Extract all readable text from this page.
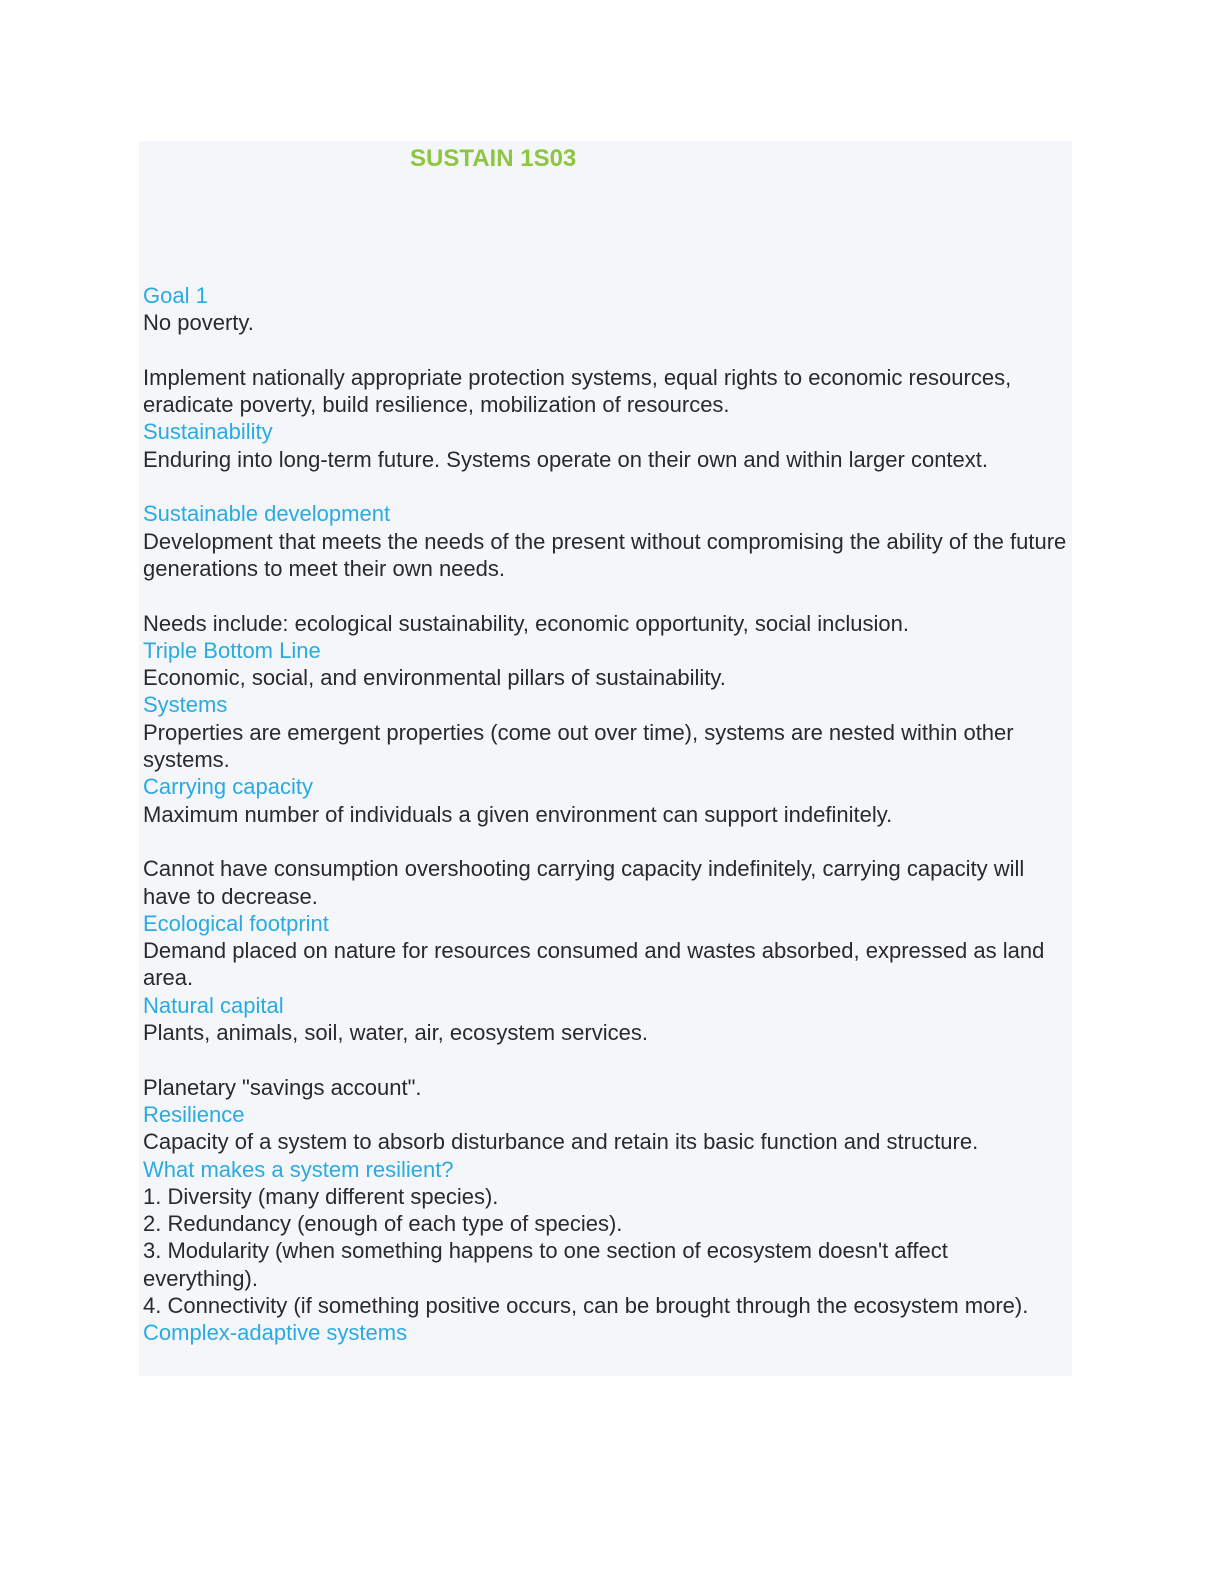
SUSTAIN 1S03

Goal 1

No poverty.

Implement nationally appropriate protection systems, equal rights to economic resources, eradicate poverty, build resilience, mobilization of resources.

Sustainability

Enduring into long-term future. Systems operate on their own and within larger context.

Sustainable development

Development that meets the needs of the present without compromising the ability of the future generations to meet their own needs.

Needs include: ecological sustainability, economic opportunity, social inclusion.

Triple Bottom Line

Economic, social, and environmental pillars of sustainability.

Systems

Properties are emergent properties (come out over time), systems are nested within other systems.

Carrying capacity

Maximum number of individuals a given environment can support indefinitely.

Cannot have consumption overshooting carrying capacity indefinitely, carrying capacity will have to decrease.

Ecological footprint

Demand placed on nature for resources consumed and wastes absorbed, expressed as land area.

Natural capital

Plants, animals, soil, water, air, ecosystem services.

Planetary "savings account".

Resilience

Capacity of a system to absorb disturbance and retain its basic function and structure.

What makes a system resilient?

1. Diversity (many different species).

2. Redundancy (enough of each type of species).

3. Modularity (when something happens to one section of ecosystem doesn't affect everything).

4. Connectivity (if something positive occurs, can be brought through the ecosystem more).

Complex-adaptive systems
